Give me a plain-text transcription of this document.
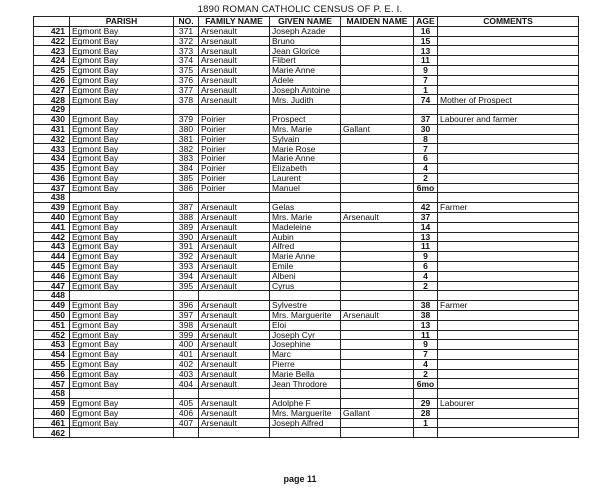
1890 ROMAN CATHOLIC CENSUS OF P. E. I.
	PARISH	NO.	FAMILY NAME	GIVEN NAME	MAIDEN NAME	AGE	COMMENTS
421	Egmont Bay	371	Arsenault	Joseph Azade		16	
422	Egmont Bay	372	Arsenault	Bruno		15	
423	Egmont Bay	373	Arsenault	Jean Glorice		13	
424	Egmont Bay	374	Arsenault	Flibert		11	
425	Egmont Bay	375	Arsenault	Marie Anne		9	
426	Egmont Bay	376	Arsenault	Adele		7	
427	Egmont Bay	377	Arsenault	Joseph Antoine		1	
428	Egmont Bay	378	Arsenault	Mrs. Judith		74	Mother of Prospect
429							
430	Egmont Bay	379	Poirier	Prospect		37	Labourer and farmer
431	Egmont Bay	380	Poirier	Mrs. Marie	Gallant	30	
432	Egmont Bay	381	Poirier	Sylvain		8	
433	Egmont Bay	382	Poirier	Marie Rose		7	
434	Egmont Bay	383	Poirier	Marie Anne		6	
435	Egmont Bay	384	Poirier	Elizabeth		4	
436	Egmont Bay	385	Poirier	Laurent		2	
437	Egmont Bay	386	Poirier	Manuel		6mo	
438							
439	Egmont Bay	387	Arsenault	Gelas		42	Farmer
440	Egmont Bay	388	Arsenault	Mrs. Marie	Arsenault	37	
441	Egmont Bay	389	Arsenault	Madeleine		14	
442	Egmont Bay	390	Arsenault	Aubin		13	
443	Egmont Bay	391	Arsenault	Alfred		11	
444	Egmont Bay	392	Arsenault	Marie Anne		9	
445	Egmont Bay	393	Arsenault	Emile		6	
446	Egmont Bay	394	Arsenault	Albeni		4	
447	Egmont Bay	395	Arsenault	Cyrus		2	
448							
449	Egmont Bay	396	Arsenault	Sylvestre		38	Farmer
450	Egmont Bay	397	Arsenault	Mrs. Marguerite	Arsenault	38	
451	Egmont Bay	398	Arsenault	Eloi		13	
452	Egmont Bay	399	Arsenault	Joseph Cyr		11	
453	Egmont Bay	400	Arsenault	Josephine		9	
454	Egmont Bay	401	Arsenault	Marc		7	
455	Egmont Bay	402	Arsenault	Pierre		4	
456	Egmont Bay	403	Arsenault	Marie Bella		2	
457	Egmont Bay	404	Arsenault	Jean Throdore		6mo	
458							
459	Egmont Bay	405	Arsenault	Adolphe F		29	Labourer
460	Egmont Bay	406	Arsenault	Mrs. Marguerite	Gallant	28	
461	Egmont Bay	407	Arsenault	Joseph Alfred		1	
462							
page 11
